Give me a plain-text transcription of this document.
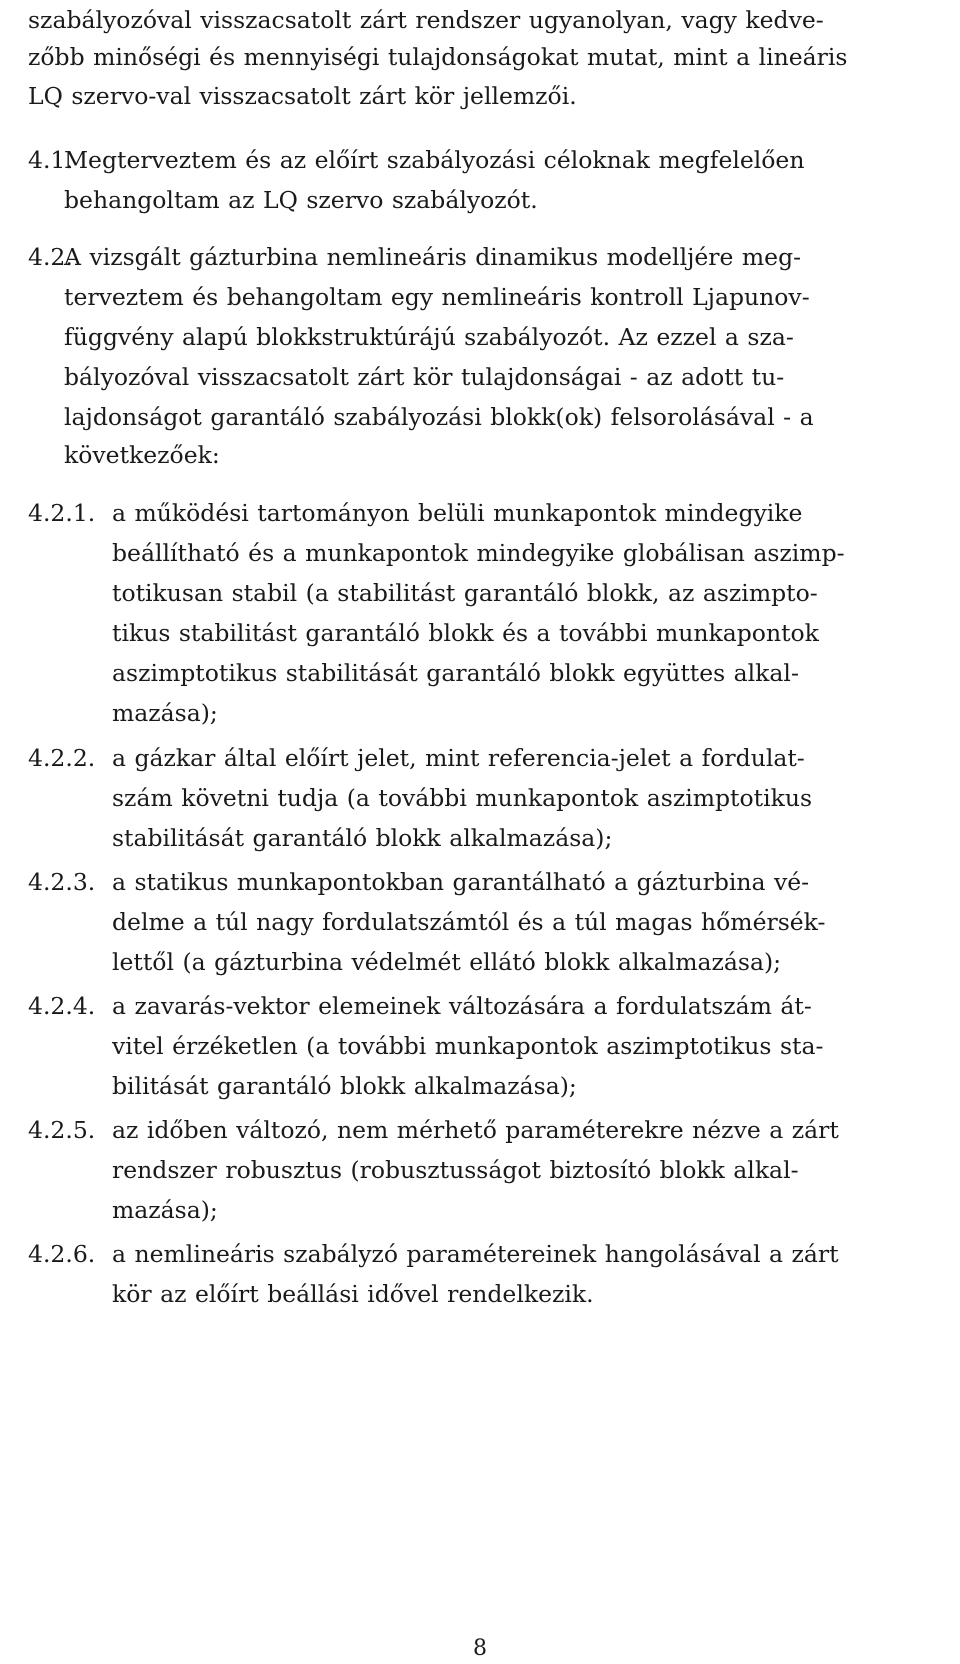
szabályozóval visszacsatolt zárt rendszer ugyanolyan, vagy kedve-
zőbb minőségi és mennyiségi tulajdonságokat mutat, mint a lineáris
LQ szervo-val visszacsatolt zárt kör jellemzői.
4.1.
Megterveztem és az előírt szabályozási céloknak megfelelően
behangoltam az LQ szervo szabályozót.
4.2.
A vizsgált gázturbina nemlineáris dinamikus modelljére meg-
terveztem és behangoltam egy nemlineáris kontroll Ljapunov-
függvény alapú blokkstruktúrájú szabályozót. Az ezzel a sza-
bályozóval visszacsatolt zárt kör tulajdonságai - az adott tu-
lajdonságot garantáló szabályozási blokk(ok) felsorolásával - a
következőek:
4.2.1. a működési tartományon belüli munkapontok mindegyike
beállítható és a munkapontok mindegyike globálisan aszimp-
totikusan stabil (a stabilitást garantáló blokk, az aszimpto-
tikus stabilitást garantáló blokk és a további munkapontok
aszimptotikus stabilitását garantáló blokk együttes alkal-
mazása);
4.2.2. a gázkar által előírt jelet, mint referencia-jelet a fordulat-
szám követni tudja (a további munkapontok aszimptotikus
stabilitását garantáló blokk alkalmazása);
4.2.3. a statikus munkapontokban garantálható a gázturbina vé-
delme a túl nagy fordulatszámtól és a túl magas hőmérsék-
lettől (a gázturbina védelmét ellátó blokk alkalmazása);
4.2.4. a zavarás-vektor elemeinek változására a fordulatszám át-
vitel érzéketlen (a további munkapontok aszimptotikus sta-
bilitását garantáló blokk alkalmazása);
4.2.5. az időben változó, nem mérhető paraméterekre nézve a zárt
rendszer robusztus (robusztusságot biztosító blokk alkal-
mazása);
4.2.6. a nemlineáris szabályzó paramétereinek hangolásával a zárt
kör az előírt beállási idővel rendelkezik.
8
